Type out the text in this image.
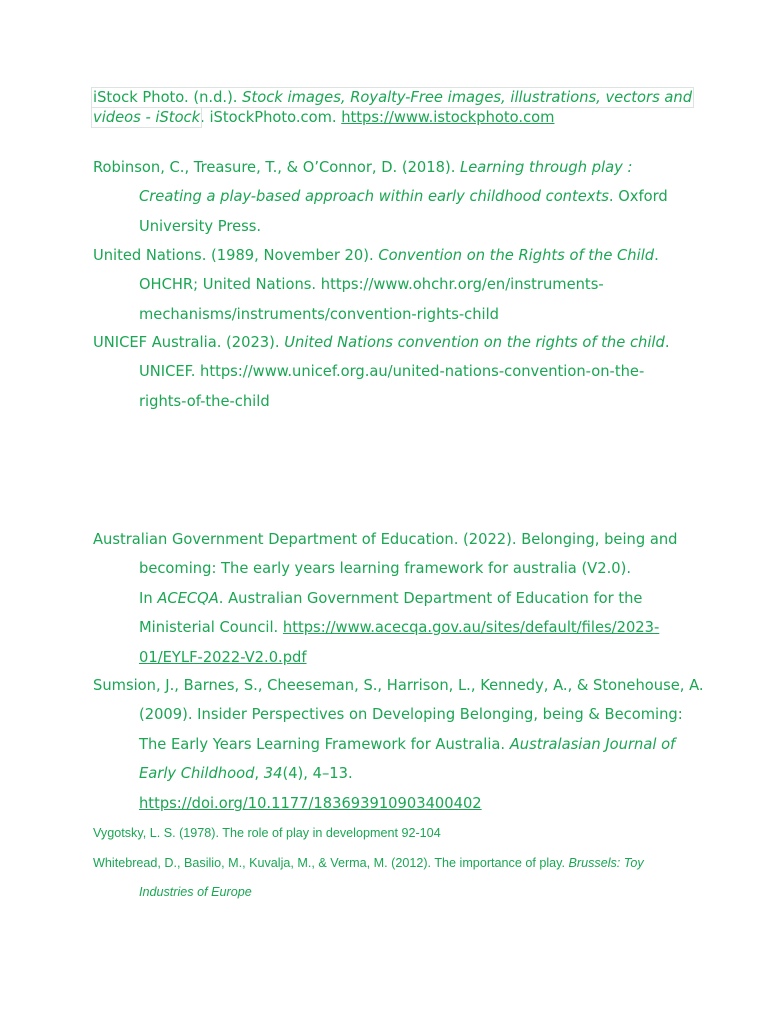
iStock Photo. (n.d.). Stock images, Royalty-Free images, illustrations, vectors and
videos - iStock. iStockPhoto.com. https://www.istockphoto.com
Robinson, C., Treasure, T., & O’Connor, D. (2018). Learning through play :
Creating a play-based approach within early childhood contexts. Oxford
University Press.
United Nations. (1989, November 20). Convention on the Rights of the Child.
OHCHR; United Nations. https://www.ohchr.org/en/instruments-
mechanisms/instruments/convention-rights-child
UNICEF Australia. (2023). United Nations convention on the rights of the child.
UNICEF. https://www.unicef.org.au/united-nations-convention-on-the-
rights-of-the-child
Australian Government Department of Education. (2022). Belonging, being and
becoming: The early years learning framework for australia (V2.0).
In ACECQA. Australian Government Department of Education for the
Ministerial Council. https://www.acecqa.gov.au/sites/default/files/2023-
01/EYLF-2022-V2.0.pdf
Sumsion, J., Barnes, S., Cheeseman, S., Harrison, L., Kennedy, A., & Stonehouse, A.
(2009). Insider Perspectives on Developing Belonging, being & Becoming:
The Early Years Learning Framework for Australia. Australasian Journal of
Early Childhood, 34(4), 4–13.
https://doi.org/10.1177/183693910903400402
Vygotsky, L. S. (1978). The role of play in development 92-104
Whitebread, D., Basilio, M., Kuvalja, M., & Verma, M. (2012). The importance of play. Brussels: Toy
Industries of Europe
